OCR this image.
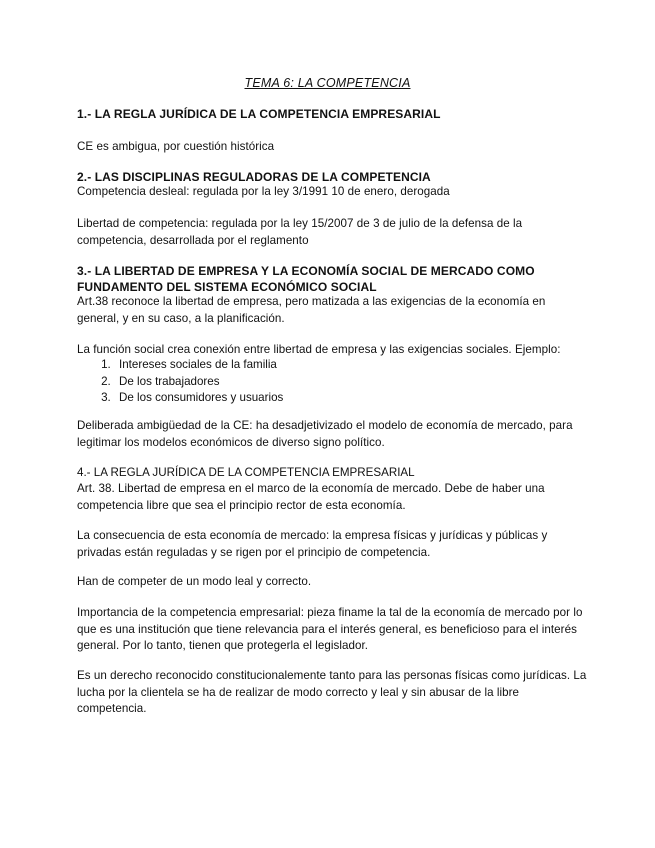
TEMA 6: LA COMPETENCIA
1.- LA REGLA JURÍDICA DE LA COMPETENCIA EMPRESARIAL
CE es ambigua, por cuestión histórica
2.- LAS DISCIPLINAS REGULADORAS DE LA COMPETENCIA
Competencia desleal: regulada por la ley 3/1991 10 de enero, derogada
Libertad de competencia: regulada por la ley 15/2007 de 3 de julio de la defensa de la competencia, desarrollada por el reglamento
3.- LA LIBERTAD DE EMPRESA Y LA ECONOMÍA SOCIAL DE MERCADO COMO FUNDAMENTO DEL SISTEMA ECONÓMICO SOCIAL
Art.38 reconoce la libertad de empresa, pero matizada a las exigencias de la economía en general, y en su caso, a la planificación.
La función social crea conexión entre libertad de empresa y las exigencias sociales. Ejemplo:
1. Intereses sociales de la familia
2. De los trabajadores
3. De los consumidores y usuarios
Deliberada ambigüedad de la CE: ha desadjetivizado el modelo de economía de mercado, para legitimar los modelos económicos de diverso signo político.
4.- LA REGLA JURÍDICA DE LA COMPETENCIA EMPRESARIAL
Art. 38. Libertad de empresa en el marco de la economía de mercado. Debe de haber una competencia libre que sea el principio rector de esta economía.
La consecuencia de esta economía de mercado: la empresa físicas y jurídicas y públicas y privadas están reguladas y se rigen por el principio de competencia.
Han de competer de un modo leal y correcto.
Importancia de la competencia empresarial: pieza finame la tal de la economía de mercado por lo que es una institución que tiene relevancia para el interés general, es beneficioso para el interés general. Por lo tanto, tienen que protegerla el legislador.
Es un derecho reconocido constitucionalemente tanto para las personas físicas como jurídicas. La lucha por la clientela se ha de realizar de modo correcto y leal y sin abusar de la libre competencia.
